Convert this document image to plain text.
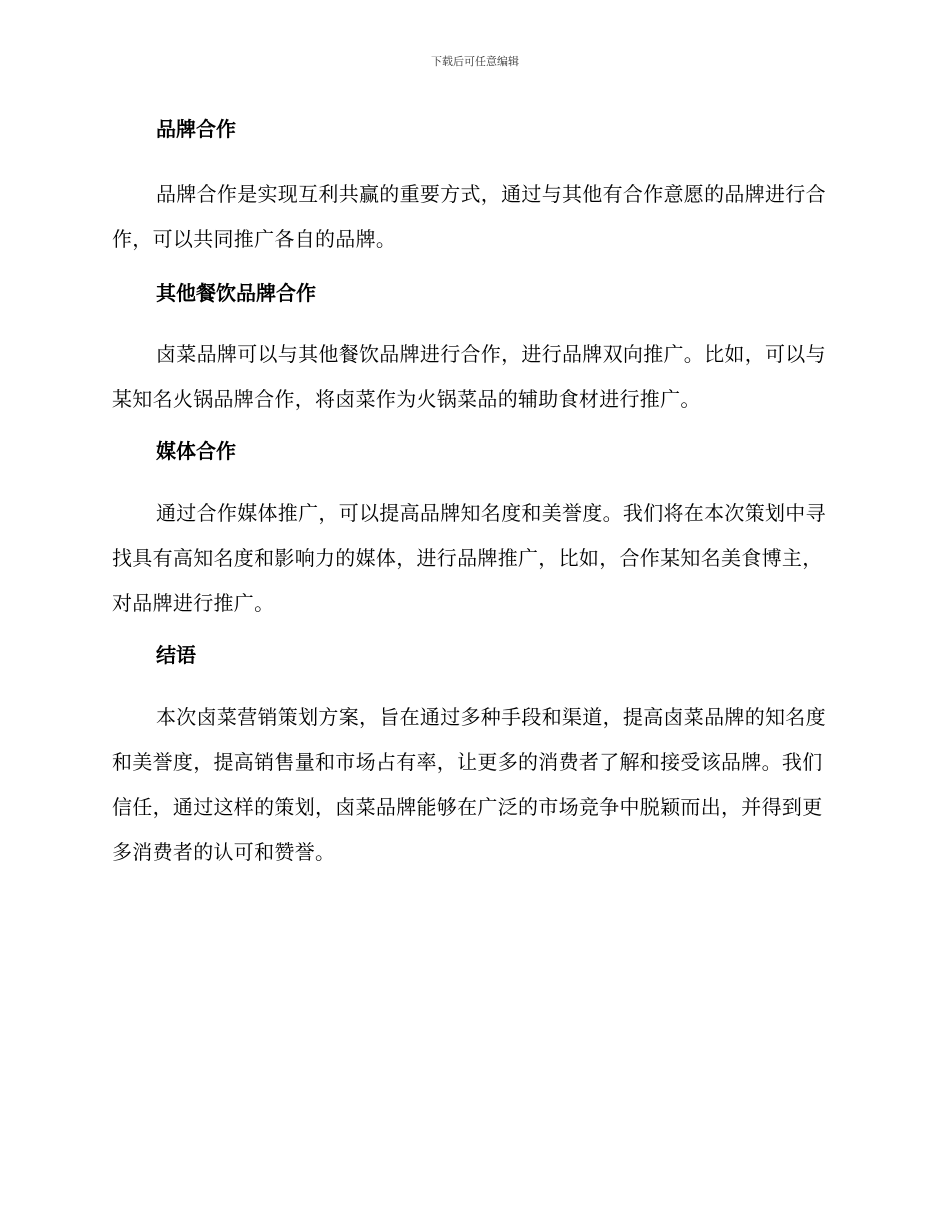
下载后可任意编辑
品牌合作

品牌合作是实现互利共赢的重要方式，通过与其他有合作意愿的品牌进行合作，可以共同推广各自的品牌。

其他餐饮品牌合作

卤菜品牌可以与其他餐饮品牌进行合作，进行品牌双向推广。比如，可以与某知名火锅品牌合作，将卤菜作为火锅菜品的辅助食材进行推广。

媒体合作

通过合作媒体推广，可以提高品牌知名度和美誉度。我们将在本次策划中寻找具有高知名度和影响力的媒体，进行品牌推广，比如，合作某知名美食博主，对品牌进行推广。

结语

本次卤菜营销策划方案，旨在通过多种手段和渠道，提高卤菜品牌的知名度和美誉度，提高销售量和市场占有率，让更多的消费者了解和接受该品牌。我们信任，通过这样的策划，卤菜品牌能够在广泛的市场竞争中脱颖而出，并得到更多消费者的认可和赞誉。
